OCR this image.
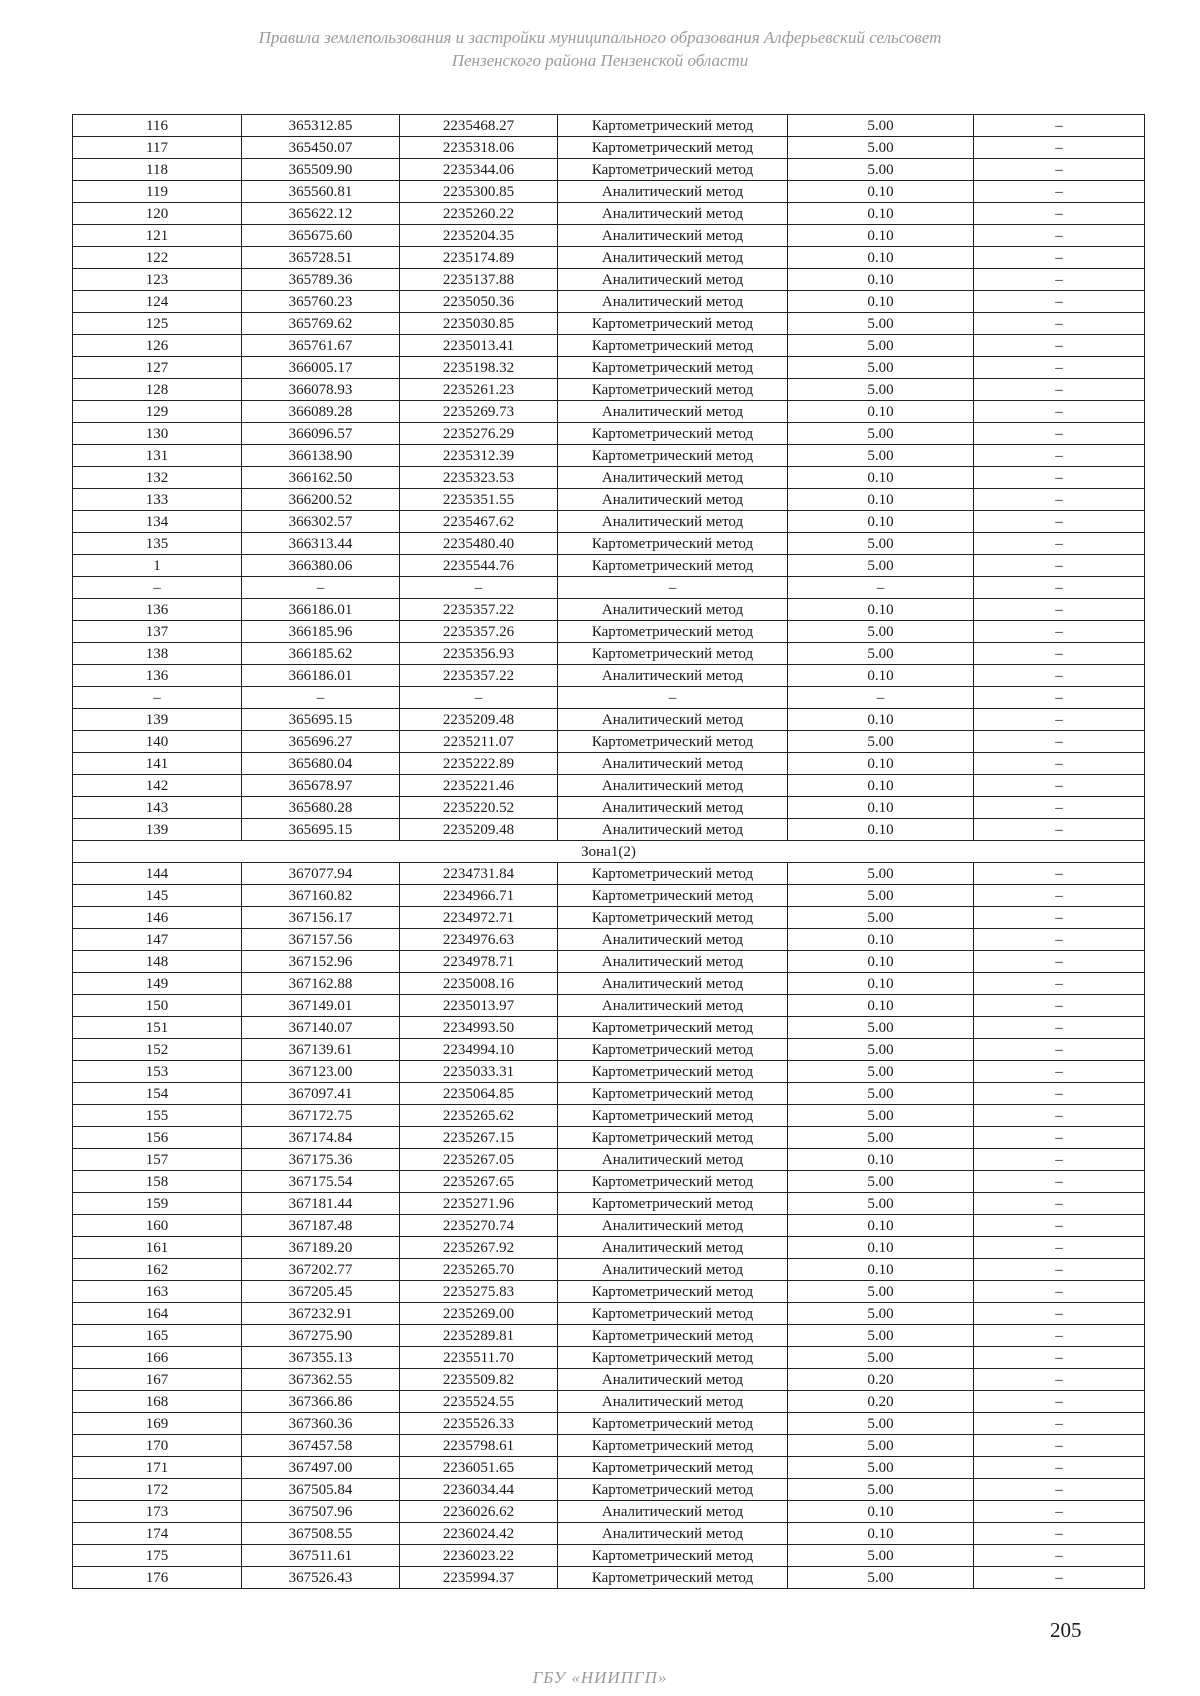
Правила землепользования и застройки муниципального образования Алферьевский сельсовет
Пензенского района Пензенской области
116	365312.85	2235468.27	Картометрический метод	5.00	–
117	365450.07	2235318.06	Картометрический метод	5.00	–
118	365509.90	2235344.06	Картометрический метод	5.00	–
119	365560.81	2235300.85	Аналитический метод	0.10	–
120	365622.12	2235260.22	Аналитический метод	0.10	–
121	365675.60	2235204.35	Аналитический метод	0.10	–
122	365728.51	2235174.89	Аналитический метод	0.10	–
123	365789.36	2235137.88	Аналитический метод	0.10	–
124	365760.23	2235050.36	Аналитический метод	0.10	–
125	365769.62	2235030.85	Картометрический метод	5.00	–
126	365761.67	2235013.41	Картометрический метод	5.00	–
127	366005.17	2235198.32	Картометрический метод	5.00	–
128	366078.93	2235261.23	Картометрический метод	5.00	–
129	366089.28	2235269.73	Аналитический метод	0.10	–
130	366096.57	2235276.29	Картометрический метод	5.00	–
131	366138.90	2235312.39	Картометрический метод	5.00	–
132	366162.50	2235323.53	Аналитический метод	0.10	–
133	366200.52	2235351.55	Аналитический метод	0.10	–
134	366302.57	2235467.62	Аналитический метод	0.10	–
135	366313.44	2235480.40	Картометрический метод	5.00	–
1	366380.06	2235544.76	Картометрический метод	5.00	–
–	–	–	–	–	–
136	366186.01	2235357.22	Аналитический метод	0.10	–
137	366185.96	2235357.26	Картометрический метод	5.00	–
138	366185.62	2235356.93	Картометрический метод	5.00	–
136	366186.01	2235357.22	Аналитический метод	0.10	–
–	–	–	–	–	–
139	365695.15	2235209.48	Аналитический метод	0.10	–
140	365696.27	2235211.07	Картометрический метод	5.00	–
141	365680.04	2235222.89	Аналитический метод	0.10	–
142	365678.97	2235221.46	Аналитический метод	0.10	–
143	365680.28	2235220.52	Аналитический метод	0.10	–
139	365695.15	2235209.48	Аналитический метод	0.10	–
Зона1(2)					
144	367077.94	2234731.84	Картометрический метод	5.00	–
145	367160.82	2234966.71	Картометрический метод	5.00	–
146	367156.17	2234972.71	Картометрический метод	5.00	–
147	367157.56	2234976.63	Аналитический метод	0.10	–
148	367152.96	2234978.71	Аналитический метод	0.10	–
149	367162.88	2235008.16	Аналитический метод	0.10	–
150	367149.01	2235013.97	Аналитический метод	0.10	–
151	367140.07	2234993.50	Картометрический метод	5.00	–
152	367139.61	2234994.10	Картометрический метод	5.00	–
153	367123.00	2235033.31	Картометрический метод	5.00	–
154	367097.41	2235064.85	Картометрический метод	5.00	–
155	367172.75	2235265.62	Картометрический метод	5.00	–
156	367174.84	2235267.15	Картометрический метод	5.00	–
157	367175.36	2235267.05	Аналитический метод	0.10	–
158	367175.54	2235267.65	Картометрический метод	5.00	–
159	367181.44	2235271.96	Картометрический метод	5.00	–
160	367187.48	2235270.74	Аналитический метод	0.10	–
161	367189.20	2235267.92	Аналитический метод	0.10	–
162	367202.77	2235265.70	Аналитический метод	0.10	–
163	367205.45	2235275.83	Картометрический метод	5.00	–
164	367232.91	2235269.00	Картометрический метод	5.00	–
165	367275.90	2235289.81	Картометрический метод	5.00	–
166	367355.13	2235511.70	Картометрический метод	5.00	–
167	367362.55	2235509.82	Аналитический метод	0.20	–
168	367366.86	2235524.55	Аналитический метод	0.20	–
169	367360.36	2235526.33	Картометрический метод	5.00	–
170	367457.58	2235798.61	Картометрический метод	5.00	–
171	367497.00	2236051.65	Картометрический метод	5.00	–
172	367505.84	2236034.44	Картометрический метод	5.00	–
173	367507.96	2236026.62	Аналитический метод	0.10	–
174	367508.55	2236024.42	Аналитический метод	0.10	–
175	367511.61	2236023.22	Картометрический метод	5.00	–
176	367526.43	2235994.37	Картометрический метод	5.00	–
205
ГБУ «НИИПГП»
